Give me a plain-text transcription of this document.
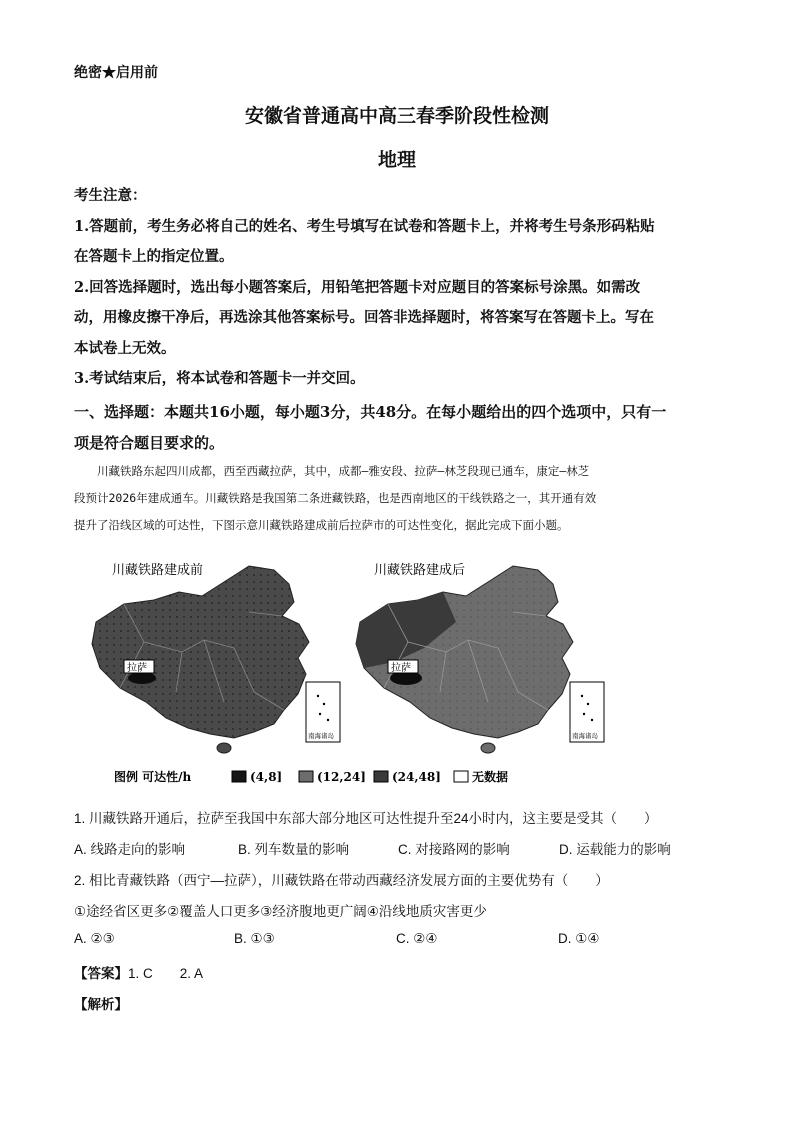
绝密★启用前
安徽省普通高中高三春季阶段性检测
地理
考生注意：
1.答题前，考生务必将自己的姓名、考生号填写在试卷和答题卡上，并将考生号条形码粘贴
在答题卡上的指定位置。
2.回答选择题时，选出每小题答案后，用铅笔把答题卡对应题目的答案标号涂黑。如需改
动，用橡皮擦干净后，再选涂其他答案标号。回答非选择题时，将答案写在答题卡上。写在
本试卷上无效。
3.考试结束后，将本试卷和答题卡一并交回。
一、选择题：本题共16小题，每小题3分，共48分。在每小题给出的四个选项中，只有一
项是符合题目要求的。
　　川藏铁路东起四川成都，西至西藏拉萨，其中，成都—雅安段、拉萨—林芝段现已通车，康定—林芝
段预计2026年建成通车。川藏铁路是我国第二条进藏铁路，也是西南地区的干线铁路之一，其开通有效
提升了沿线区域的可达性，下图示意川藏铁路建成前后拉萨市的可达性变化，据此完成下面小题。
川藏铁路建成前
拉萨
南海诸岛
川藏铁路建成后
拉萨
南海诸岛
图例 可达性/h	(4,8]	(12,24] (24,48]	无数据
1. 川藏铁路开通后，拉萨至我国中东部大部分地区可达性提升至24小时内，这主要是受其（　　）
A. 线路走向的影响	B. 列车数量的影响	C. 对接路网的影响	D. 运载能力的影响
2. 相比青藏铁路（西宁—拉萨），川藏铁路在带动西藏经济发展方面的主要优势有（　　）
①途经省区更多②覆盖人口更多③经济腹地更广阔④沿线地质灾害更少
A. ②③	B. ①③	C. ②④	D. ①④
【答案】1. C　　2. A
【解析】
